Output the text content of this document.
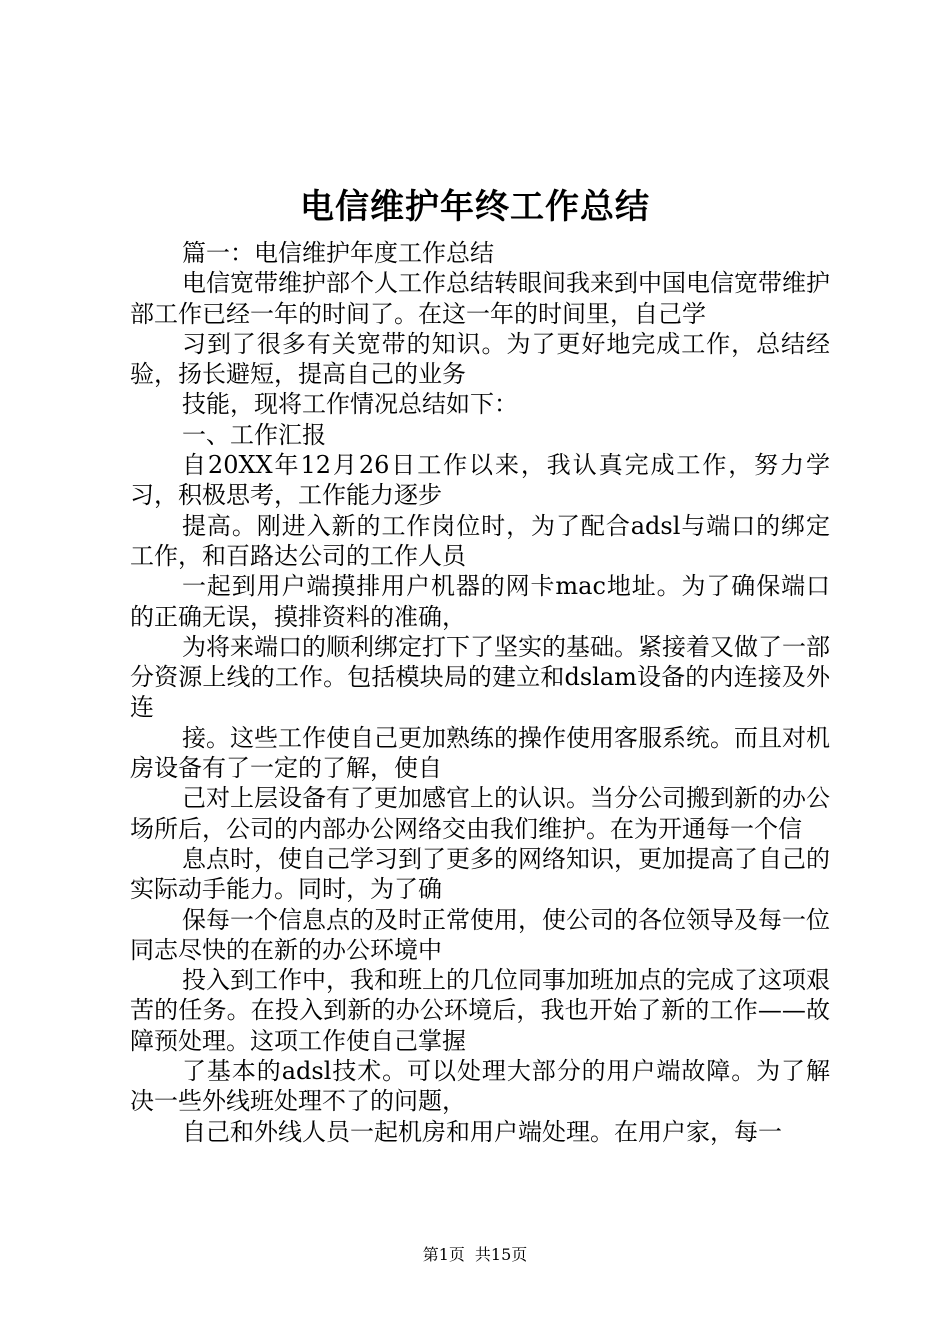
电信维护年终工作总结

篇一：电信维护年度工作总结

电信宽带维护部个人工作总结转眼间我来到中国电信宽带维护部工作已经一年的时间了。在这一年的时间里，自己学

习到了很多有关宽带的知识。为了更好地完成工作，总结经验，扬长避短，提高自己的业务

技能，现将工作情况总结如下：

一、工作汇报

自20XX年12月26日工作以来，我认真完成工作，努力学习，积极思考，工作能力逐步

提高。刚进入新的工作岗位时，为了配合adsl与端口的绑定工作，和百路达公司的工作人员

一起到用户端摸排用户机器的网卡mac地址。为了确保端口的正确无误，摸排资料的准确，

为将来端口的顺利绑定打下了坚实的基础。紧接着又做了一部分资源上线的工作。包括模块局的建立和dslam设备的内连接及外连

接。这些工作使自己更加熟练的操作使用客服系统。而且对机房设备有了一定的了解，使自

己对上层设备有了更加感官上的认识。当分公司搬到新的办公场所后，公司的内部办公网络交由我们维护。在为开通每一个信

息点时，使自己学习到了更多的网络知识，更加提高了自己的实际动手能力。同时，为了确

保每一个信息点的及时正常使用，使公司的各位领导及每一位同志尽快的在新的办公环境中

投入到工作中，我和班上的几位同事加班加点的完成了这项艰苦的任务。在投入到新的办公环境后，我也开始了新的工作——故障预处理。这项工作使自己掌握

了基本的adsl技术。可以处理大部分的用户端故障。为了解决一些外线班处理不了的问题，

自己和外线人员一起机房和用户端处理。在用户家，每一

第1页 共15页
